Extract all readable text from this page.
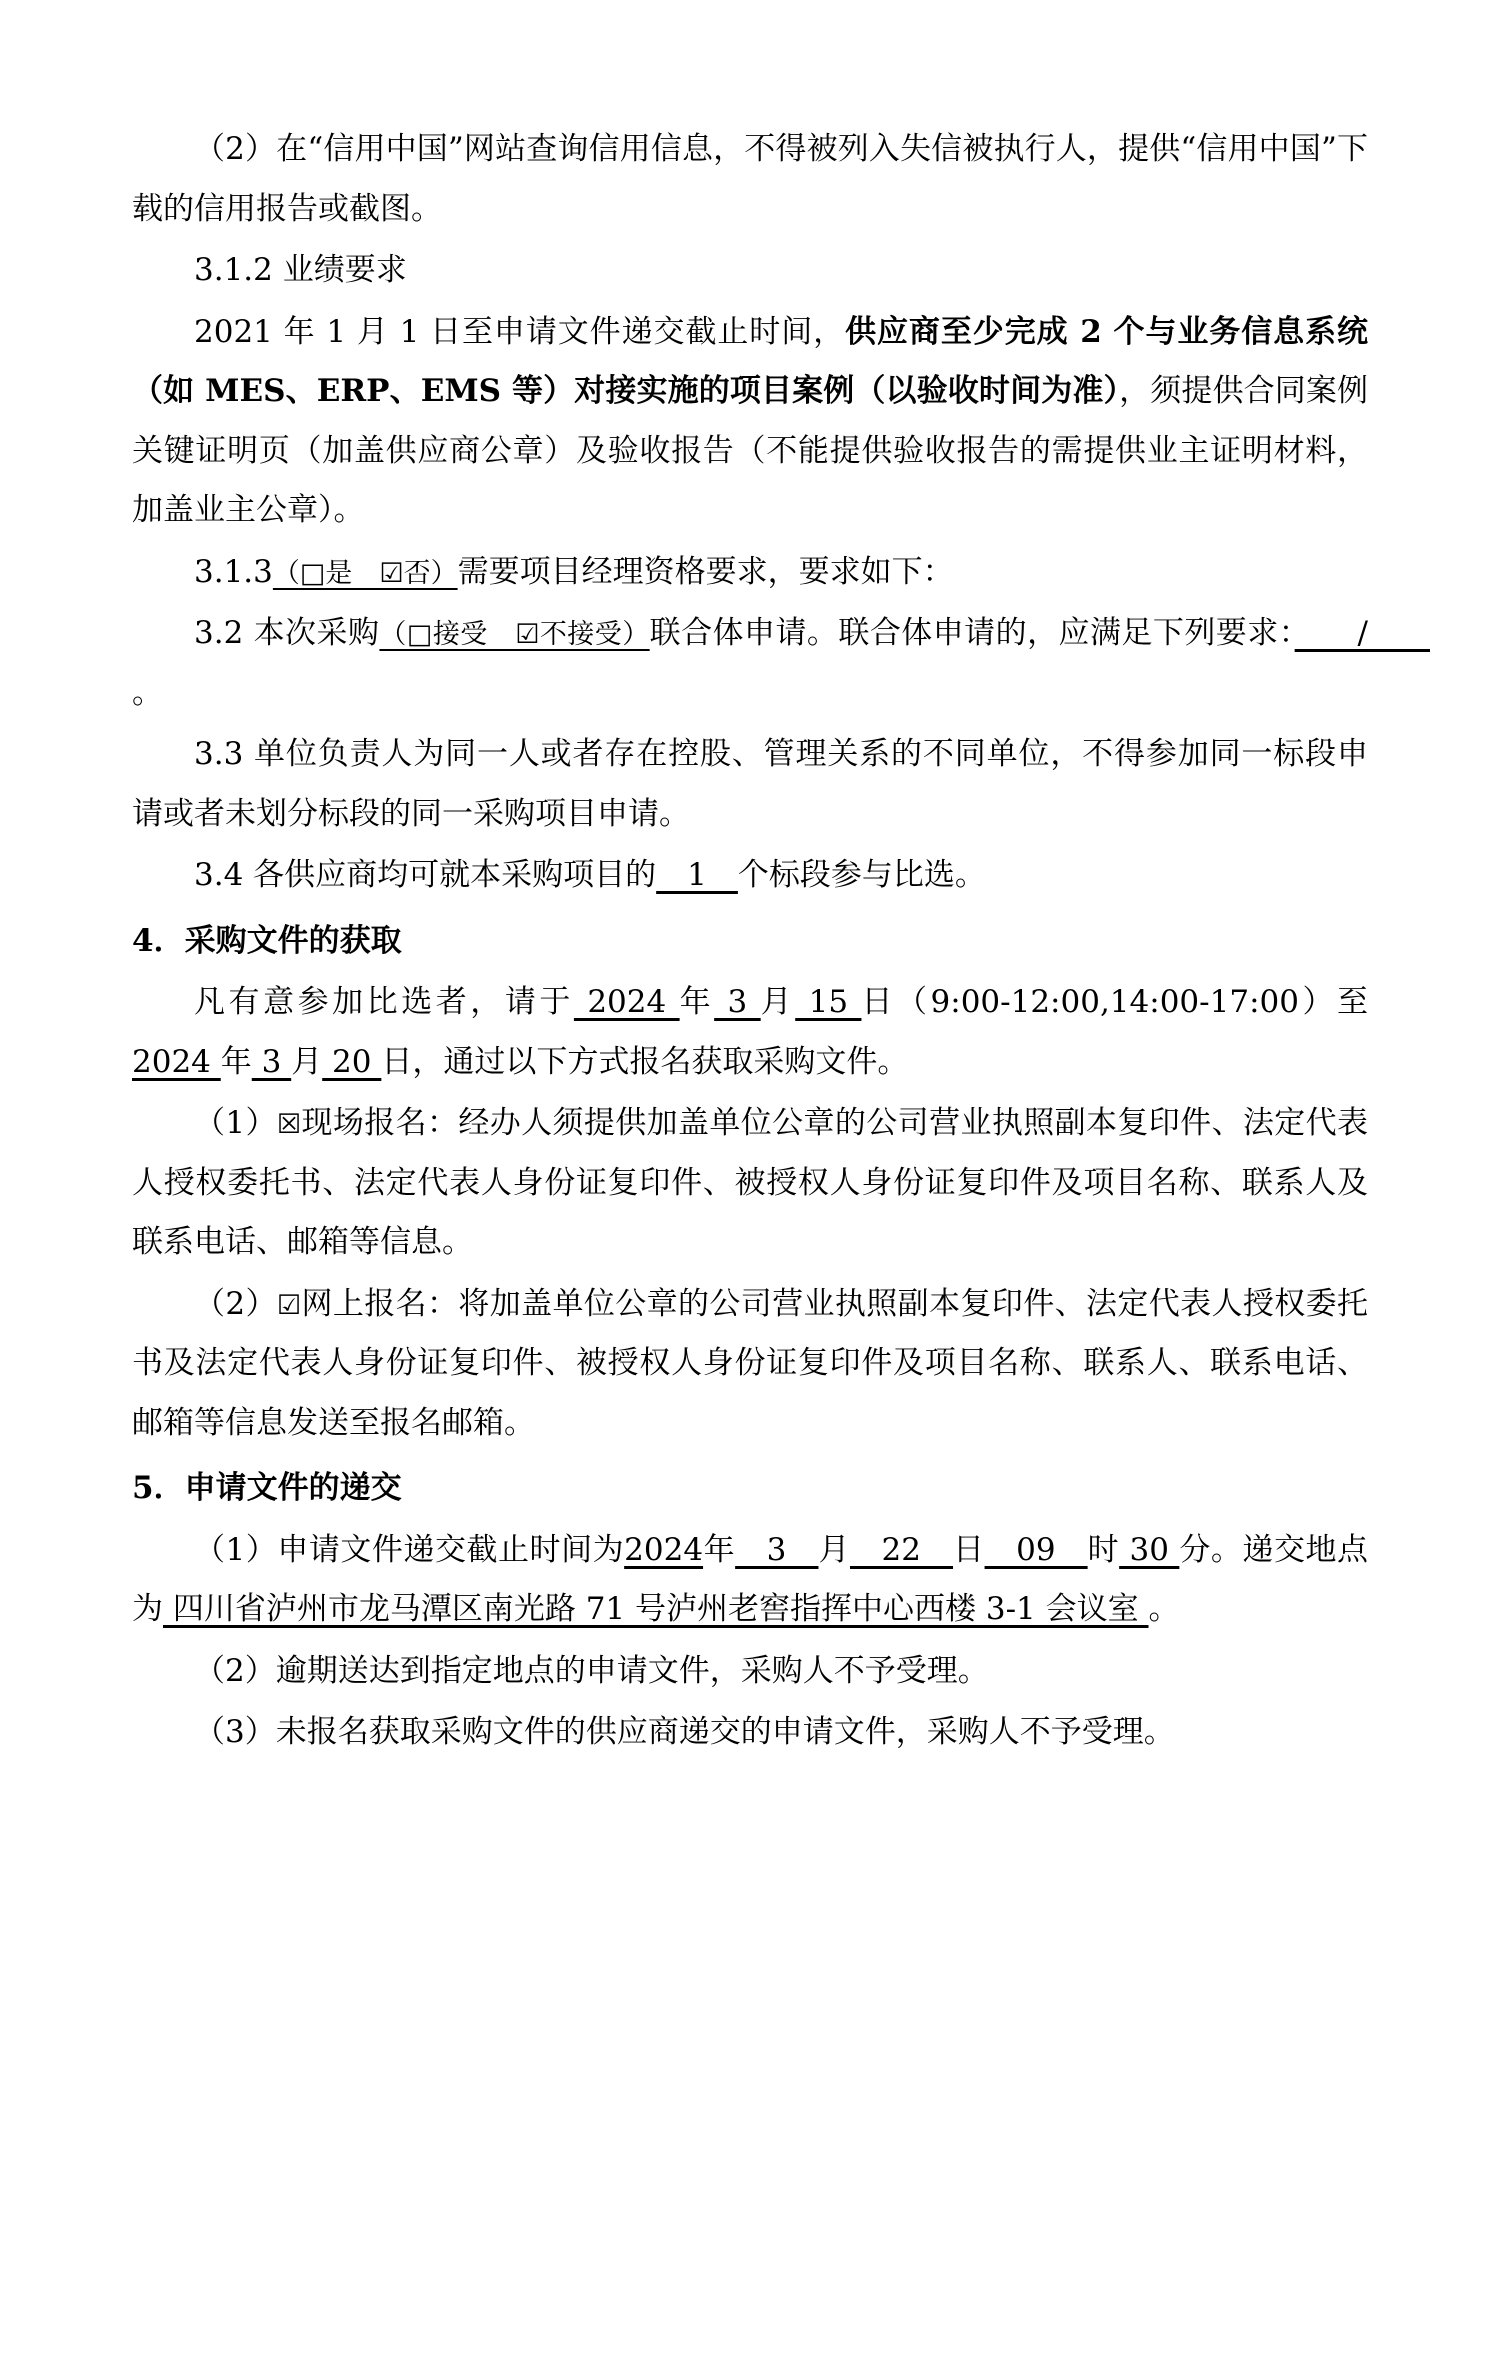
（2）在“信用中国”网站查询信用信息，不得被列入失信被执行人，提供“信用中国”下载的信用报告或截图。

3.1.2 业绩要求

2021 年 1 月 1 日至申请文件递交截止时间，供应商至少完成 2 个与业务信息系统（如 MES、ERP、EMS 等）对接实施的项目案例（以验收时间为准），须提供合同案例关键证明页（加盖供应商公章）及验收报告（不能提供验收报告的需提供业主证明材料，加盖业主公章）。

3.1.3（□是　☑否）需要项目经理资格要求，要求如下：

3.2 本次采购（□接受　☑不接受）联合体申请。联合体申请的，应满足下列要求：　　/　　。

3.3 单位负责人为同一人或者存在控股、管理关系的不同单位，不得参加同一标段申请或者未划分标段的同一采购项目申请。

3.4 各供应商均可就本采购项目的　1　个标段参与比选。

4．采购文件的获取

凡有意参加比选者，请于 2024 年 3 月 15 日（9:00-12:00,14:00-17:00）至 2024 年 3 月 20 日，通过以下方式报名获取采购文件。

（1）☒现场报名：经办人须提供加盖单位公章的公司营业执照副本复印件、法定代表人授权委托书、法定代表人身份证复印件、被授权人身份证复印件及项目名称、联系人及联系电话、邮箱等信息。

（2）☑网上报名：将加盖单位公章的公司营业执照副本复印件、法定代表人授权委托书及法定代表人身份证复印件、被授权人身份证复印件及项目名称、联系人、联系电话、邮箱等信息发送至报名邮箱。

5．申请文件的递交

（1）申请文件递交截止时间为2024年　3　月　22　日　09　时 30 分。递交地点为 四川省泸州市龙马潭区南光路 71 号泸州老窖指挥中心西楼 3-1 会议室 。

（2）逾期送达到指定地点的申请文件，采购人不予受理。

（3）未报名获取采购文件的供应商递交的申请文件，采购人不予受理。
